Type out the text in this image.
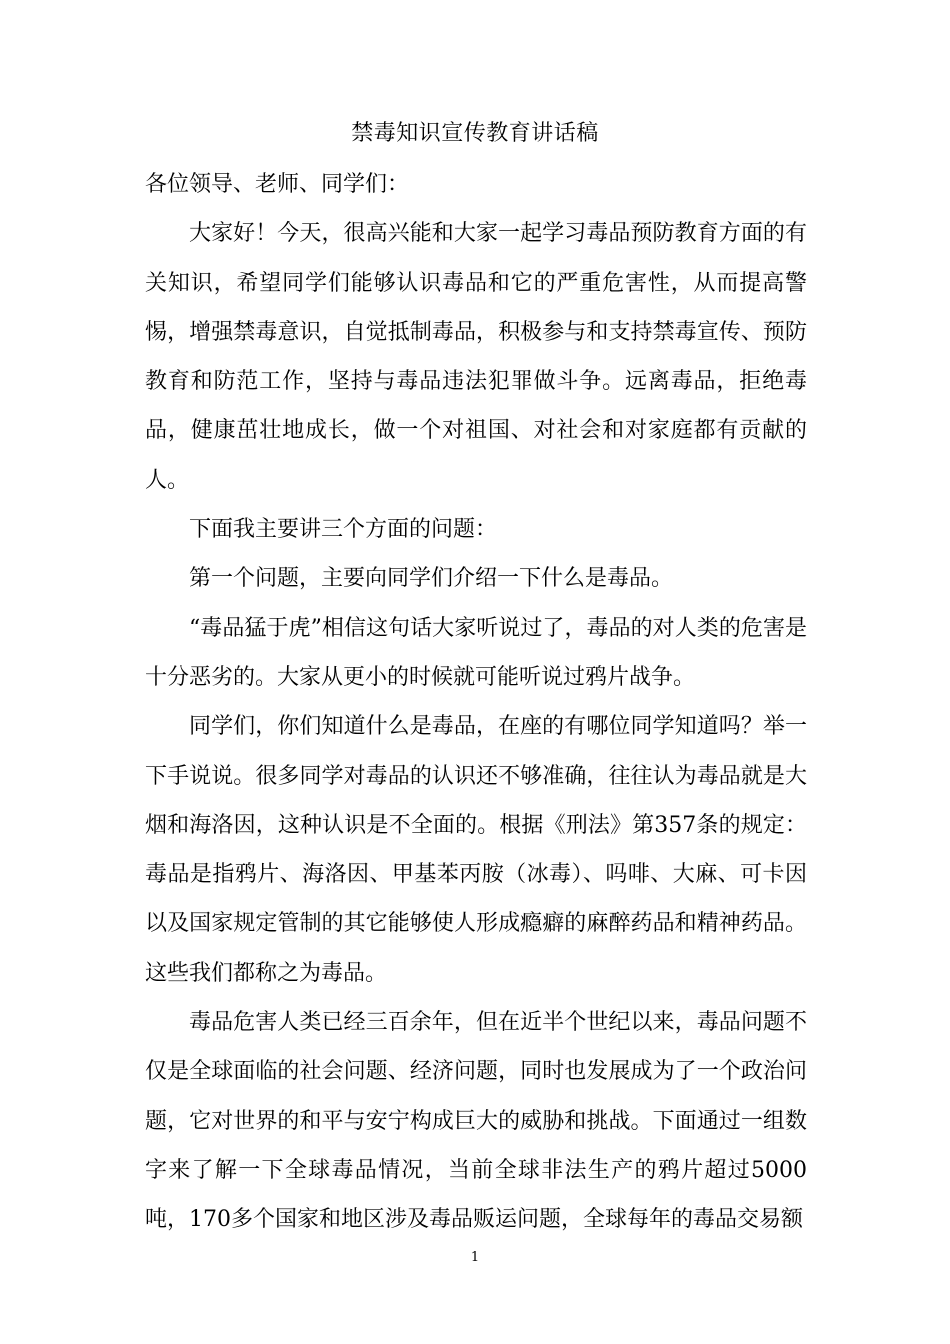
禁毒知识宣传教育讲话稿

各位领导、老师、同学们：

大家好！今天，很高兴能和大家一起学习毒品预防教育方面的有关知识，希望同学们能够认识毒品和它的严重危害性，从而提高警惕，增强禁毒意识，自觉抵制毒品，积极参与和支持禁毒宣传、预防教育和防范工作，坚持与毒品违法犯罪做斗争。远离毒品，拒绝毒品，健康茁壮地成长，做一个对祖国、对社会和对家庭都有贡献的人。

下面我主要讲三个方面的问题：

第一个问题，主要向同学们介绍一下什么是毒品。

“毒品猛于虎”相信这句话大家听说过了，毒品的对人类的危害是十分恶劣的。大家从更小的时候就可能听说过鸦片战争。

同学们，你们知道什么是毒品，在座的有哪位同学知道吗？举一下手说说。很多同学对毒品的认识还不够准确，往往认为毒品就是大烟和海洛因，这种认识是不全面的。根据《刑法》第357条的规定：毒品是指鸦片、海洛因、甲基苯丙胺（冰毒）、吗啡、大麻、可卡因以及国家规定管制的其它能够使人形成瘾癖的麻醉药品和精神药品。这些我们都称之为毒品。

毒品危害人类已经三百余年，但在近半个世纪以来，毒品问题不仅是全球面临的社会问题、经济问题，同时也发展成为了一个政治问题，它对世界的和平与安宁构成巨大的威胁和挑战。下面通过一组数字来了解一下全球毒品情况，当前全球非法生产的鸦片超过5000吨，170多个国家和地区涉及毒品贩运问题，全球每年的毒品交易额

1
